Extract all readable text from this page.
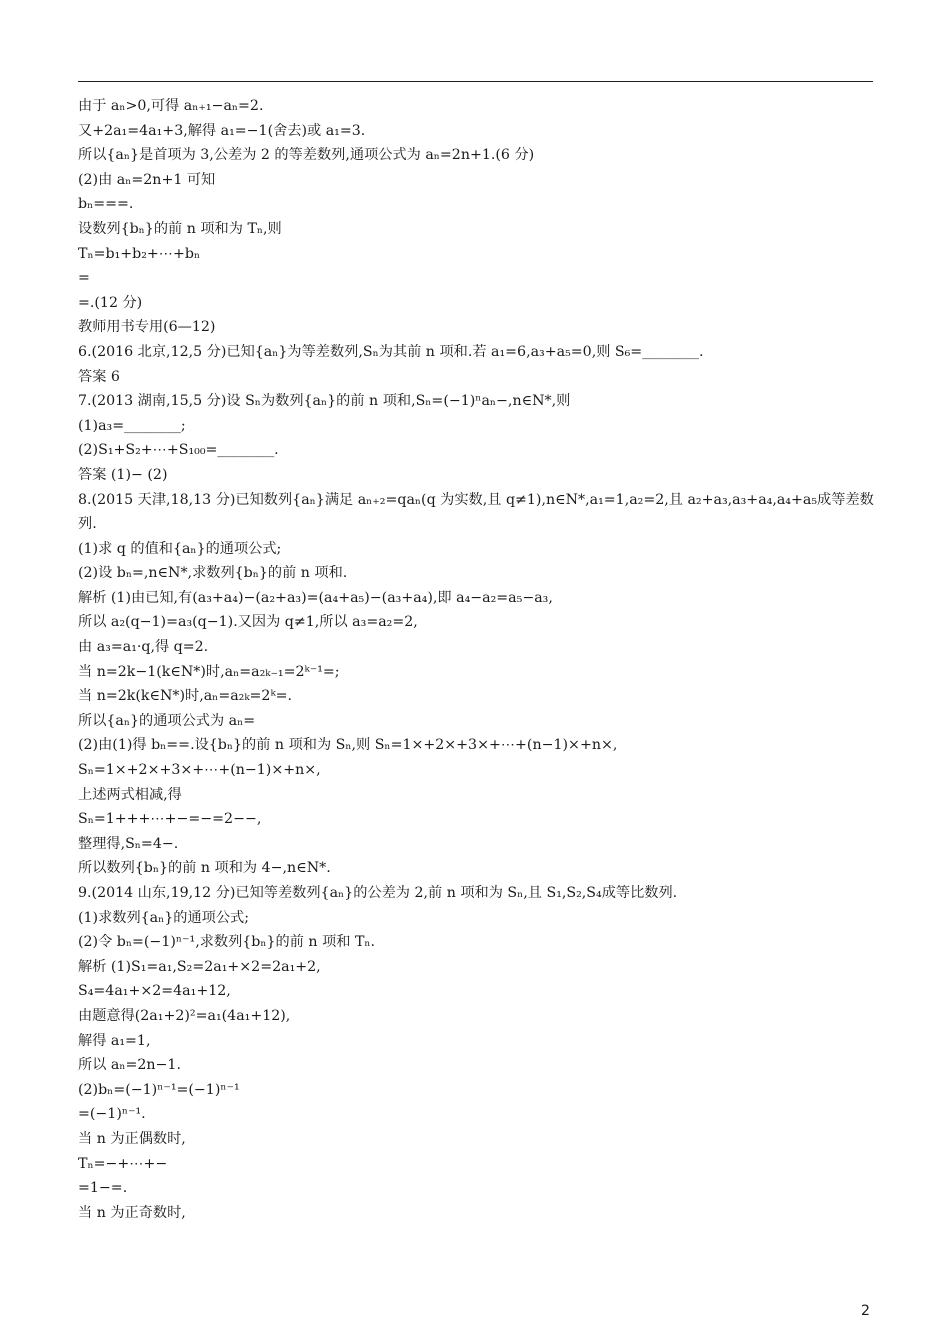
由于 aₙ>0,可得 aₙ₊₁−aₙ=2.
又+2a₁=4a₁+3,解得 a₁=−1(舍去)或 a₁=3.
所以{aₙ}是首项为 3,公差为 2 的等差数列,通项公式为 aₙ=2n+1.(6 分)
(2)由 aₙ=2n+1 可知
bₙ===.
设数列{bₙ}的前 n 项和为 Tₙ,则
Tₙ=b₁+b₂+⋯+bₙ
=
=.(12 分)
教师用书专用(6—12)
6.(2016 北京,12,5 分)已知{aₙ}为等差数列,Sₙ为其前 n 项和.若 a₁=6,a₃+a₅=0,则 S₆=________.
答案 6
7.(2013 湖南,15,5 分)设 Sₙ为数列{aₙ}的前 n 项和,Sₙ=(−1)ⁿaₙ−,n∈N*,则
(1)a₃=________;
(2)S₁+S₂+⋯+S₁₀₀=________.
答案 (1)− (2)
8.(2015 天津,18,13 分)已知数列{aₙ}满足 aₙ₊₂=qaₙ(q 为实数,且 q≠1),n∈N*,a₁=1,a₂=2,且 a₂+a₃,a₃+a₄,a₄+a₅成等差数列.
(1)求 q 的值和{aₙ}的通项公式;
(2)设 bₙ=,n∈N*,求数列{bₙ}的前 n 项和.
解析 (1)由已知,有(a₃+a₄)−(a₂+a₃)=(a₄+a₅)−(a₃+a₄),即 a₄−a₂=a₅−a₃,
所以 a₂(q−1)=a₃(q−1).又因为 q≠1,所以 a₃=a₂=2,
由 a₃=a₁·q,得 q=2.
当 n=2k−1(k∈N*)时,aₙ=a₂ₖ₋₁=2ᵏ⁻¹=;
当 n=2k(k∈N*)时,aₙ=a₂ₖ=2ᵏ=.
所以{aₙ}的通项公式为 aₙ=
(2)由(1)得 bₙ==.设{bₙ}的前 n 项和为 Sₙ,则 Sₙ=1×+2×+3×+⋯+(n−1)×+n×,
Sₙ=1×+2×+3×+⋯+(n−1)×+n×,
上述两式相减,得
Sₙ=1+++⋯+−=−=2−−,
整理得,Sₙ=4−.
所以数列{bₙ}的前 n 项和为 4−,n∈N*.
9.(2014 山东,19,12 分)已知等差数列{aₙ}的公差为 2,前 n 项和为 Sₙ,且 S₁,S₂,S₄成等比数列.
(1)求数列{aₙ}的通项公式;
(2)令 bₙ=(−1)ⁿ⁻¹,求数列{bₙ}的前 n 项和 Tₙ.
解析 (1)S₁=a₁,S₂=2a₁+×2=2a₁+2,
S₄=4a₁+×2=4a₁+12,
由题意得(2a₁+2)²=a₁(4a₁+12),
解得 a₁=1,
所以 aₙ=2n−1.
(2)bₙ=(−1)ⁿ⁻¹=(−1)ⁿ⁻¹
=(−1)ⁿ⁻¹.
当 n 为正偶数时,
Tₙ=−+⋯+−
=1−=.
当 n 为正奇数时,
2
